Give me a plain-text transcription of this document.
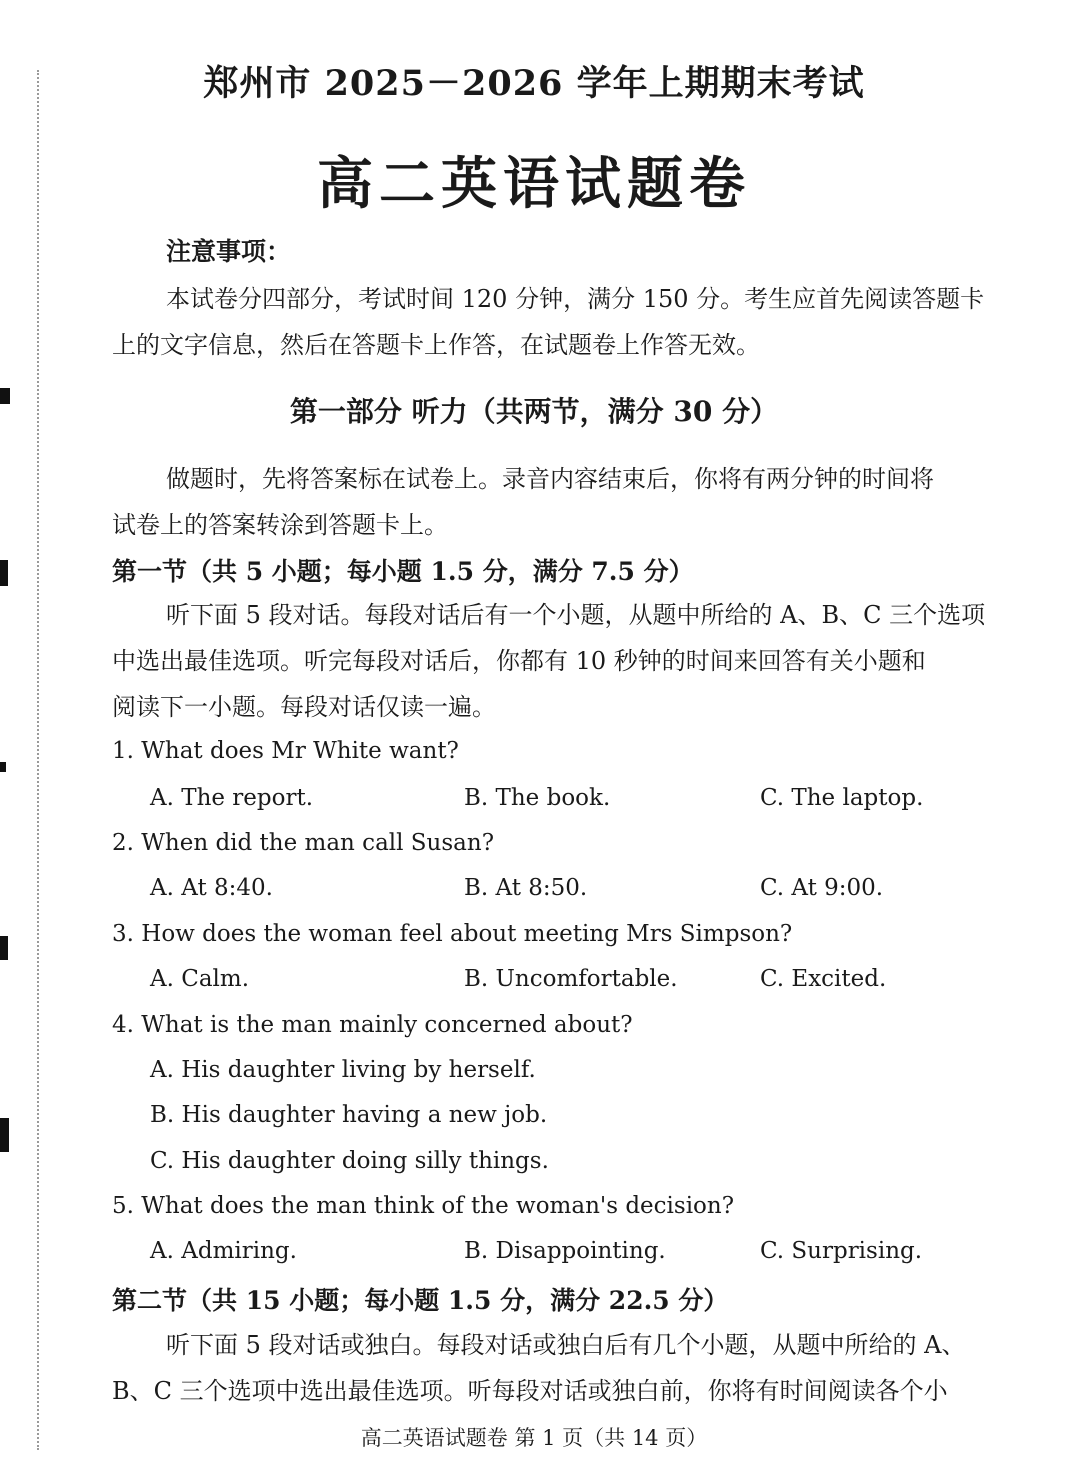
郑州市 2025－2026 学年上期期末考试
高二英语试题卷
注意事项：
本试卷分四部分，考试时间 120 分钟，满分 150 分。考生应首先阅读答题卡
上的文字信息，然后在答题卡上作答，在试题卷上作答无效。
第一部分 听力（共两节，满分 30 分）
做题时，先将答案标在试卷上。录音内容结束后，你将有两分钟的时间将
试卷上的答案转涂到答题卡上。
第一节（共 5 小题；每小题 1.5 分，满分 7.5 分）
听下面 5 段对话。每段对话后有一个小题，从题中所给的 A、B、C 三个选项
中选出最佳选项。听完每段对话后，你都有 10 秒钟的时间来回答有关小题和
阅读下一小题。每段对话仅读一遍。
1. What does Mr White want?
A. The report.	B. The book.	C. The laptop.
2. When did the man call Susan?
A. At 8:40.	B. At 8:50.	C. At 9:00.
3. How does the woman feel about meeting Mrs Simpson?
A. Calm.	B. Uncomfortable.	C. Excited.
4. What is the man mainly concerned about?
A. His daughter living by herself.
B. His daughter having a new job.
C. His daughter doing silly things.
5. What does the man think of the woman's decision?
A. Admiring.	B. Disappointing.	C. Surprising.
第二节（共 15 小题；每小题 1.5 分，满分 22.5 分）
听下面 5 段对话或独白。每段对话或独白后有几个小题，从题中所给的 A、
B、C 三个选项中选出最佳选项。听每段对话或独白前，你将有时间阅读各个小
高二英语试题卷 第 1 页（共 14 页）
